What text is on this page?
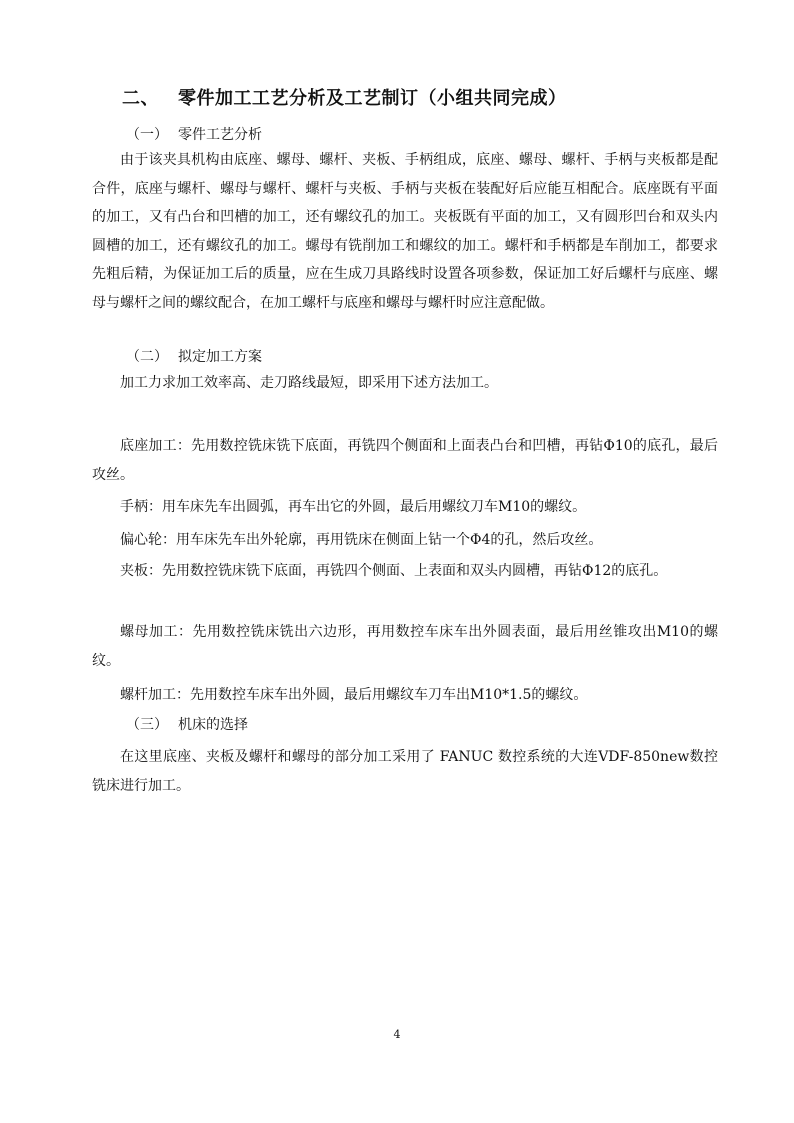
二、 零件加工工艺分析及工艺制订（小组共同完成）
（一） 零件工艺分析
由于该夹具机构由底座、螺母、螺杆、夹板、手柄组成，底座、螺母、螺杆、手柄与夹板都是配合件，底座与螺杆、螺母与螺杆、螺杆与夹板、手柄与夹板在装配好后应能互相配合。底座既有平面的加工，又有凸台和凹槽的加工，还有螺纹孔的加工。夹板既有平面的加工，又有圆形凹台和双头内圆槽的加工，还有螺纹孔的加工。螺母有铣削加工和螺纹的加工。螺杆和手柄都是车削加工，都要求先粗后精，为保证加工后的质量，应在生成刀具路线时设置各项参数，保证加工好后螺杆与底座、螺母与螺杆之间的螺纹配合，在加工螺杆与底座和螺母与螺杆时应注意配做。
（二） 拟定加工方案
加工力求加工效率高、走刀路线最短，即采用下述方法加工。
底座加工：先用数控铣床铣下底面，再铣四个侧面和上面表凸台和凹槽，再钻Φ10的底孔，最后攻丝。
手柄：用车床先车出圆弧，再车出它的外圆，最后用螺纹刀车M10的螺纹。
偏心轮：用车床先车出外轮廓，再用铣床在侧面上钻一个Φ4的孔，然后攻丝。
夹板：先用数控铣床铣下底面，再铣四个侧面、上表面和双头内圆槽，再钻Φ12的底孔。
螺母加工：先用数控铣床铣出六边形，再用数控车床车出外圆表面，最后用丝锥攻出M10的螺纹。
螺杆加工：先用数控车床车出外圆，最后用螺纹车刀车出M10*1.5的螺纹。
（三） 机床的选择
在这里底座、夹板及螺杆和螺母的部分加工采用了 FANUC 数控系统的大连VDF-850new数控铣床进行加工。
4
